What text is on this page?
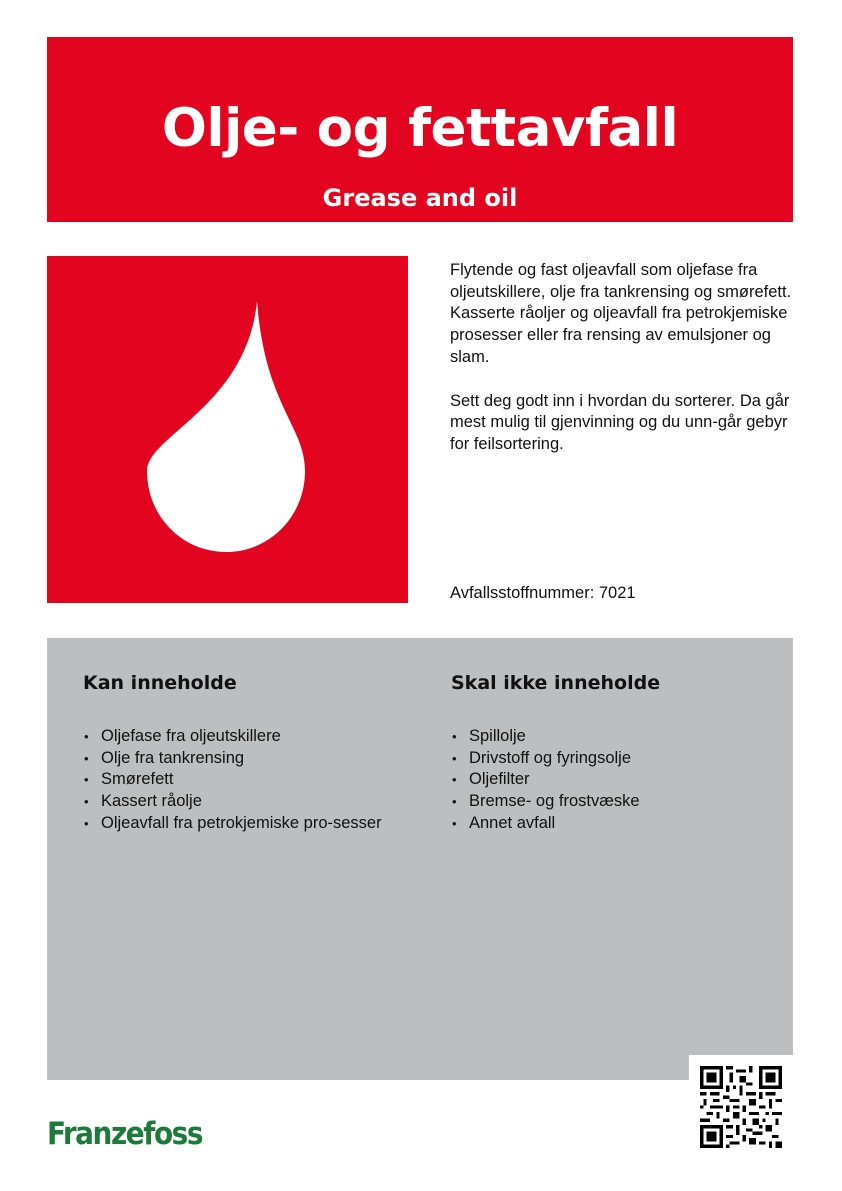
Olje- og fettavfall
Grease and oil

Flytende og fast oljeavfall som oljefase fra oljeutskillere, olje fra tankrensing og smørefett. Kasserte råoljer og oljeavfall fra petrokjemiske prosesser eller fra rensing av emulsjoner og slam.

Sett deg godt inn i hvordan du sorterer. Da går mest mulig til gjenvinning og du unn-går gebyr for feilsortering.

Avfallsstoffnummer: 7021
Kan inneholde
• Oljefase fra oljeutskillere
• Olje fra tankrensing
• Smørefett
• Kassert råolje
• Oljeavfall fra petrokjemiske pro-sesser
Skal ikke inneholde
• Spillolje
• Drivstoff og fyringsolje
• Oljefilter
• Bremse- og frostvæske
• Annet avfall
Franzefoss
